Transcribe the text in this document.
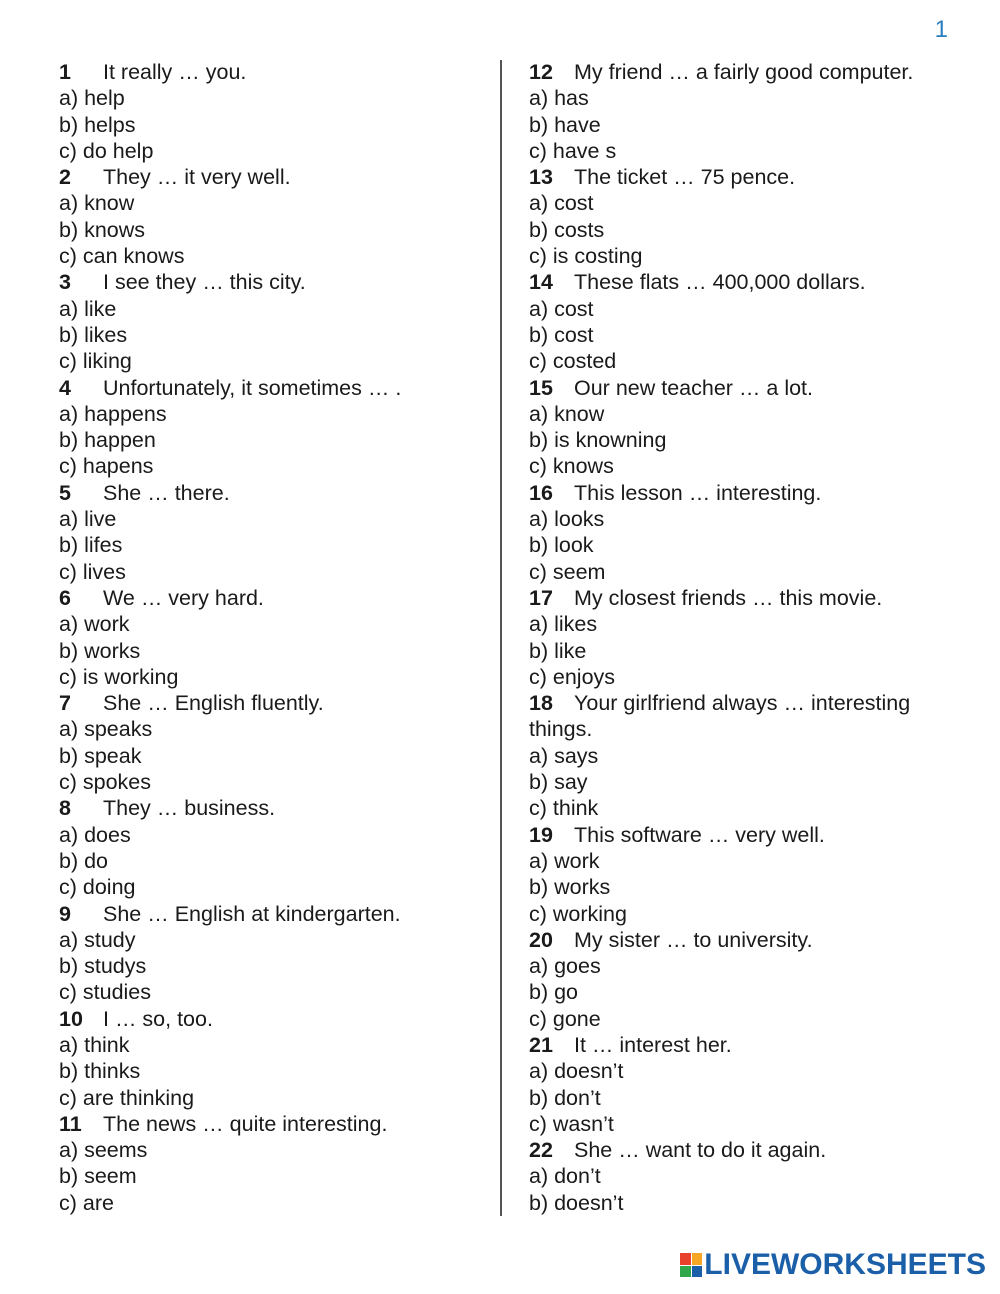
1
1 It really … you.
a) help
b) helps
c) do help
2 They … it very well.
a) know
b) knows
c) can knows
3 I see they … this city.
a) like
b) likes
c) liking
4 Unfortunately, it sometimes … .
a) happens
b) happen
c) hapens
5 She … there.
a) live
b) lifes
c) lives
6 We … very hard.
a) work
b) works
c) is working
7 She … English fluently.
a) speaks
b) speak
c) spokes
8 They … business.
a) does
b) do
c) doing
9 She … English at kindergarten.
a) study
b) studys
c) studies
10 I … so, too.
a) think
b) thinks
c) are thinking
11 The news … quite interesting.
a) seems
b) seem
c) are
12 My friend … a fairly good computer.
a) has
b) have
c) have s
13 The ticket … 75 pence.
a) cost
b) costs
c) is costing
14 These flats … 400,000 dollars.
a) cost
b) cost
c) costed
15 Our new teacher … a lot.
a) know
b) is knowning
c) knows
16 This lesson … interesting.
a) looks
b) look
c) seem
17 My closest friends … this movie.
a) likes
b) like
c) enjoys
18 Your girlfriend always … interesting things.
a) says
b) say
c) think
19 This software … very well.
a) work
b) works
c) working
20 My sister … to university.
a) goes
b) go
c) gone
21 It … interest her.
a) doesn’t
b) don’t
c) wasn’t
22 She … want to do it again.
a) don’t
b) doesn’t
LIVEWORKSHEETS
